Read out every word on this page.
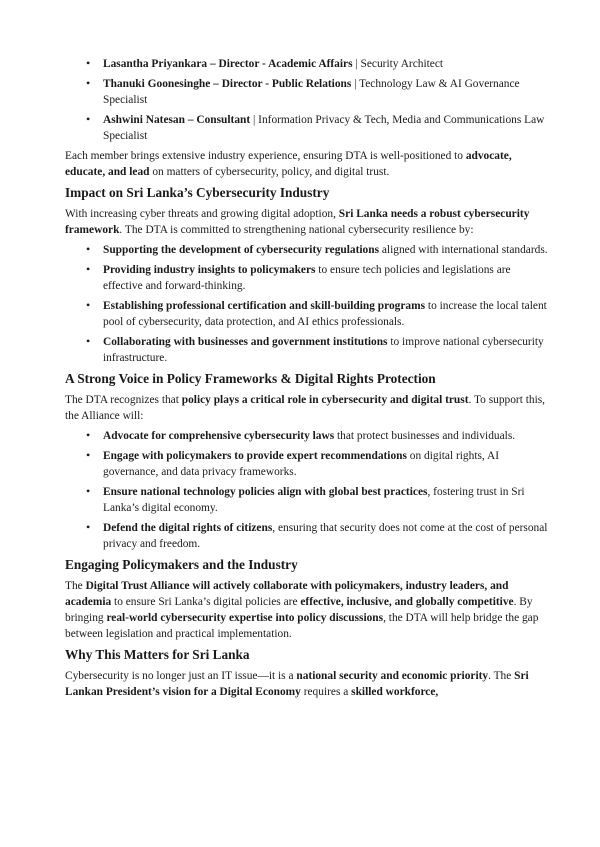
• Lasantha Priyankara – Director - Academic Affairs | Security Architect
• Thanuki Goonesinghe – Director - Public Relations | Technology Law & AI Governance Specialist
• Ashwini Natesan – Consultant | Information Privacy & Tech, Media and Communications Law Specialist

Each member brings extensive industry experience, ensuring DTA is well-positioned to advocate, educate, and lead on matters of cybersecurity, policy, and digital trust.

Impact on Sri Lanka’s Cybersecurity Industry

With increasing cyber threats and growing digital adoption, Sri Lanka needs a robust cybersecurity framework. The DTA is committed to strengthening national cybersecurity resilience by:

• Supporting the development of cybersecurity regulations aligned with international standards.
• Providing industry insights to policymakers to ensure tech policies and legislations are effective and forward-thinking.
• Establishing professional certification and skill-building programs to increase the local talent pool of cybersecurity, data protection, and AI ethics professionals.
• Collaborating with businesses and government institutions to improve national cybersecurity infrastructure.
A Strong Voice in Policy Frameworks & Digital Rights Protection

The DTA recognizes that policy plays a critical role in cybersecurity and digital trust. To support this, the Alliance will:

• Advocate for comprehensive cybersecurity laws that protect businesses and individuals.
• Engage with policymakers to provide expert recommendations on digital rights, AI governance, and data privacy frameworks.
• Ensure national technology policies align with global best practices, fostering trust in Sri Lanka’s digital economy.
• Defend the digital rights of citizens, ensuring that security does not come at the cost of personal privacy and freedom.
Engaging Policymakers and the Industry

The Digital Trust Alliance will actively collaborate with policymakers, industry leaders, and academia to ensure Sri Lanka’s digital policies are effective, inclusive, and globally competitive. By bringing real-world cybersecurity expertise into policy discussions, the DTA will help bridge the gap between legislation and practical implementation.

Why This Matters for Sri Lanka

Cybersecurity is no longer just an IT issue—it is a national security and economic priority. The Sri Lankan President’s vision for a Digital Economy requires a skilled workforce,
